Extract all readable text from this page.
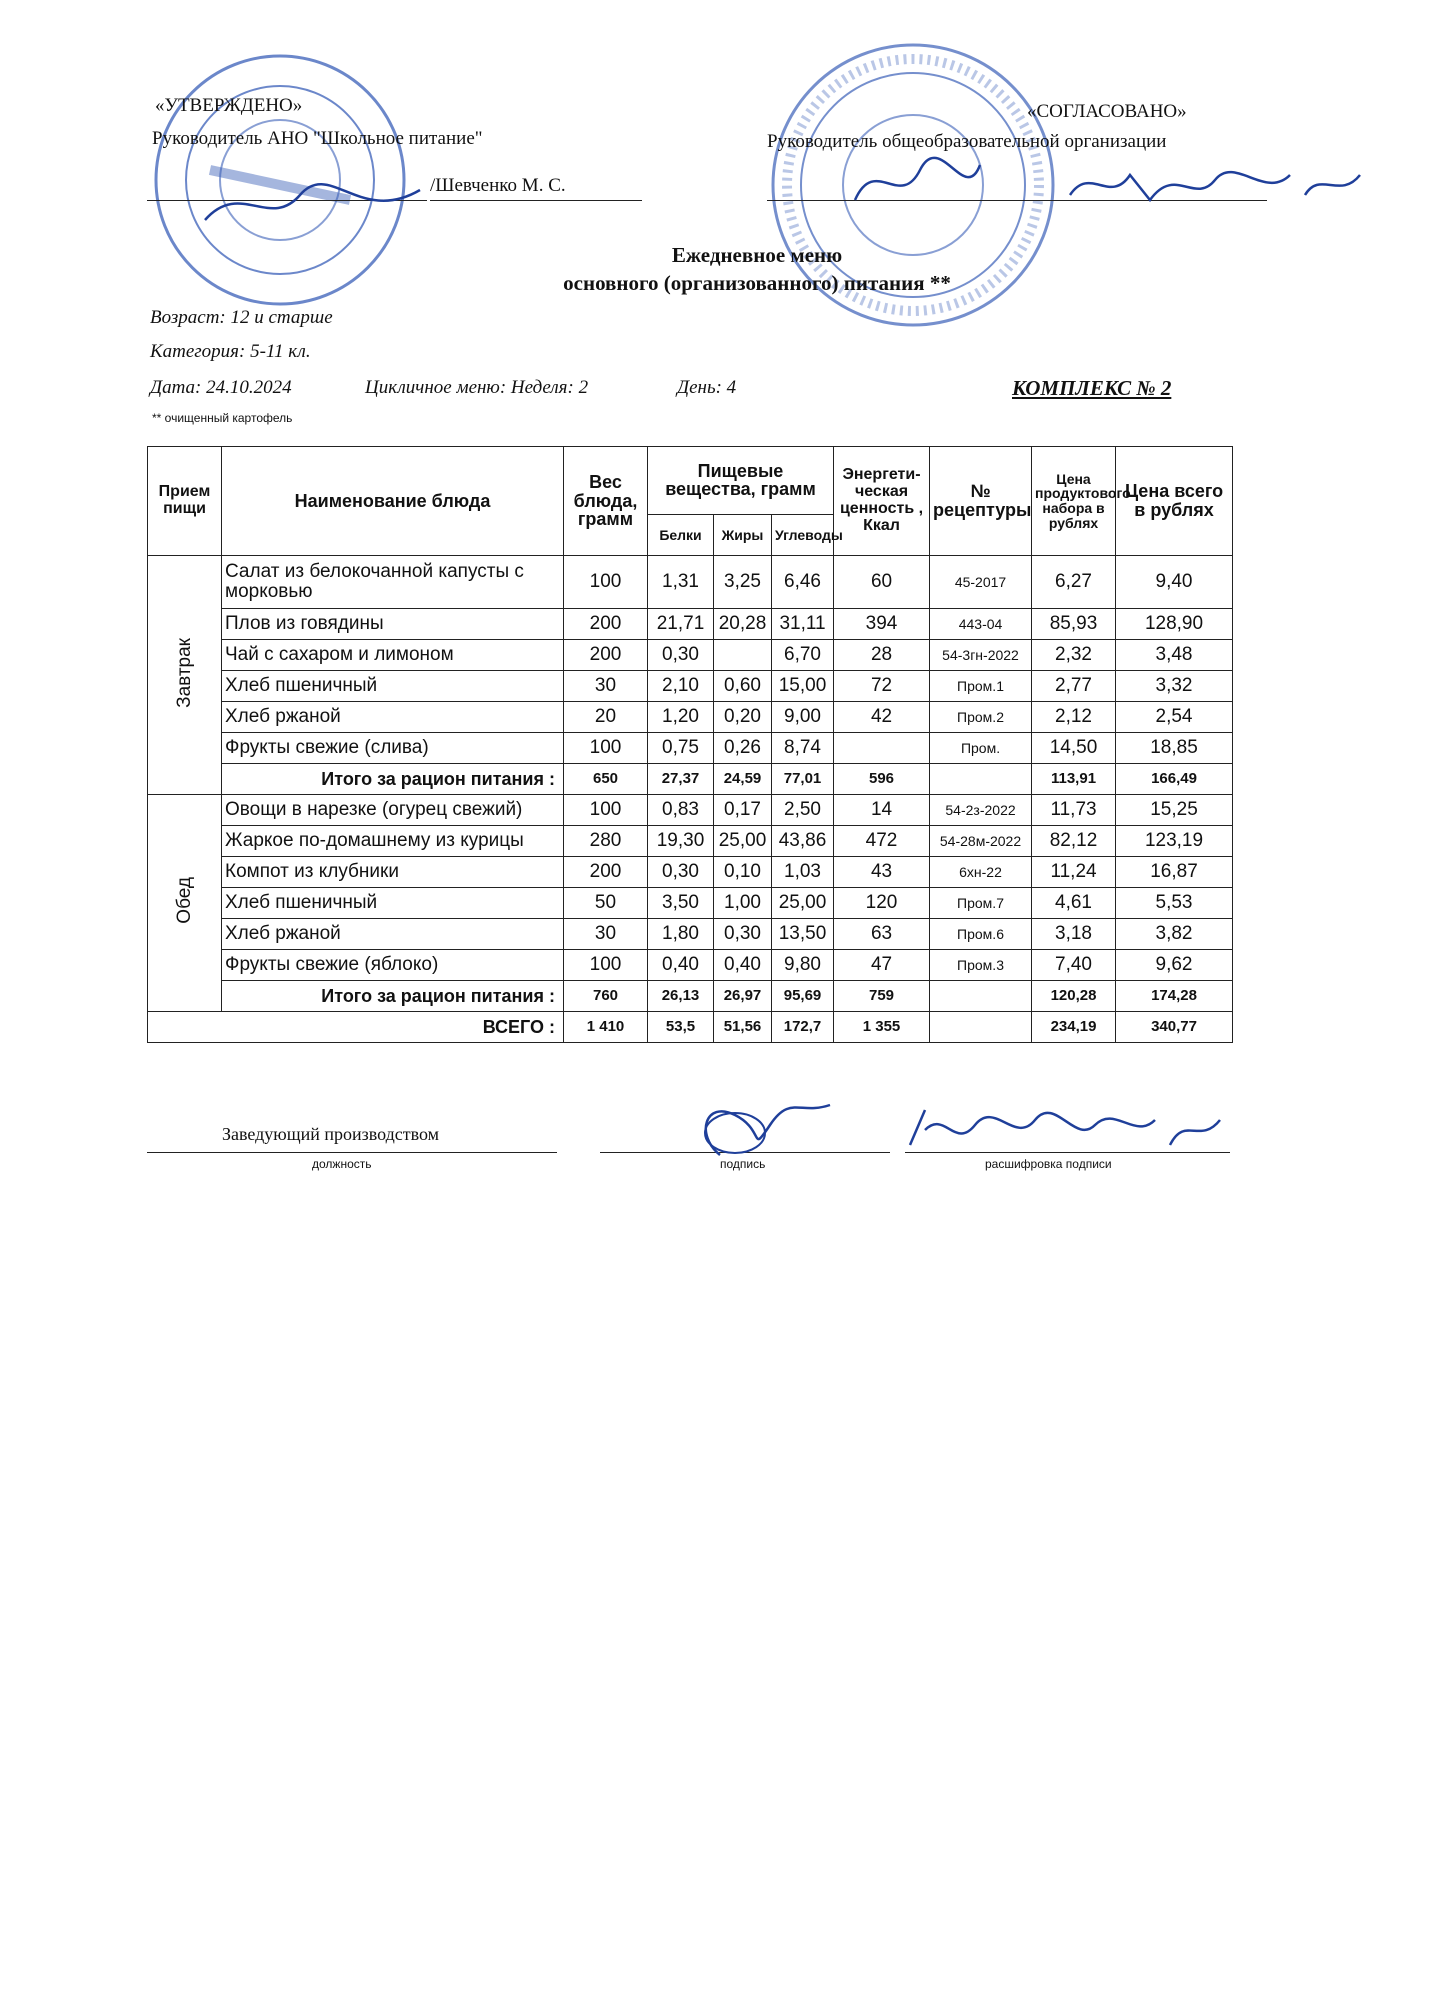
«УТВЕРЖДЕНО»
Руководитель АНО "Школьное питание"
/Шевченко М. С.
«СОГЛАСОВАНО»
Руководитель общеобразовательной организации
Ежедневное меню
основного (организованного) питания **
Возраст: 12 и старше
Категория: 5-11 кл.
Дата: 24.10.2024	Цикличное меню: Неделя: 2	День: 4	КОМПЛЕКС № 2
** очищенный картофель
Прием пищи	Наименование блюда	Вес блюда, грамм	Пищевые вещества, грамм			Энергети- ческая ценность , Ккал	№ рецептуры	Цена продуктового набора в рублях	Цена всего в рублях
			Белки	Жиры	Углеводы				
Завтрак	Салат из белокочанной капусты с морковью	100	1,31	3,25	6,46	60	45-2017	6,27	9,40
	Плов из говядины	200	21,71	20,28	31,11	394	443-04	85,93	128,90
	Чай с сахаром и лимоном	200	0,30		6,70	28	54-3гн-2022	2,32	3,48
	Хлеб пшеничный	30	2,10	0,60	15,00	72	Пром.1	2,77	3,32
	Хлеб ржаной	20	1,20	0,20	9,00	42	Пром.2	2,12	2,54
	Фрукты свежие (слива)	100	0,75	0,26	8,74		Пром.	14,50	18,85
	Итого за рацион питания :	650	27,37	24,59	77,01	596		113,91	166,49
Обед	Овощи в нарезке (огурец свежий)	100	0,83	0,17	2,50	14	54-2з-2022	11,73	15,25
	Жаркое по-домашнему из курицы	280	19,30	25,00	43,86	472	54-28м-2022	82,12	123,19
	Компот из клубники	200	0,30	0,10	1,03	43	6хн-22	11,24	16,87
	Хлеб пшеничный	50	3,50	1,00	25,00	120	Пром.7	4,61	5,53
	Хлеб ржаной	30	1,80	0,30	13,50	63	Пром.6	3,18	3,82
	Фрукты свежие (яблоко)	100	0,40	0,40	9,80	47	Пром.3	7,40	9,62
	Итого за рацион питания :	760	26,13	26,97	95,69	759		120,28	174,28
ВСЕГО :		1 410	53,5	51,56	172,7	1 355		234,19	340,77
Заведующий производством
должность	подпись	расшифровка подписи
